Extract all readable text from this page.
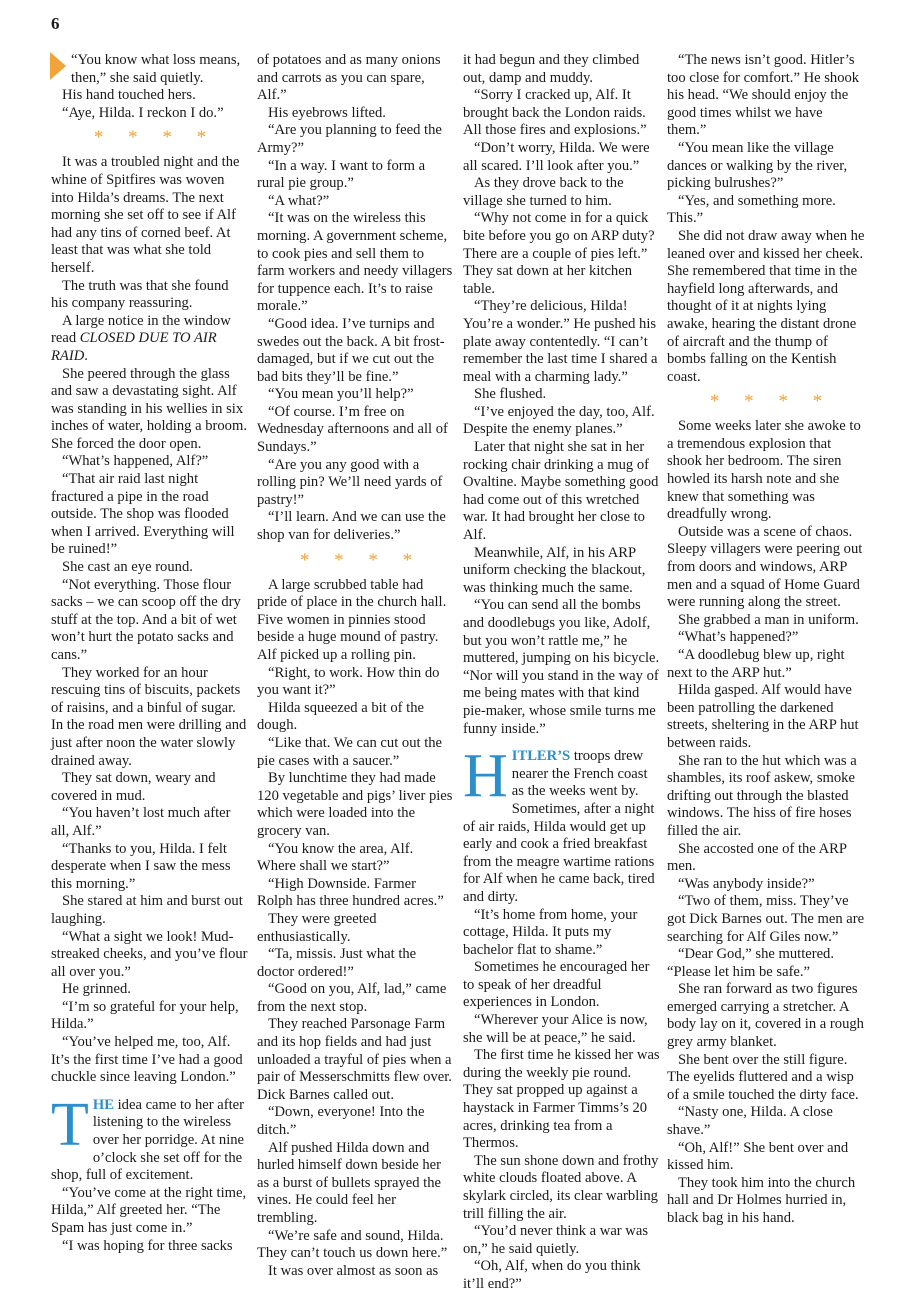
6

“You know what loss means, then,” she said quietly.

His hand touched hers.

“Aye, Hilda. I reckon I do.”

* * * *

It was a troubled night and the whine of Spitfires was woven into Hilda’s dreams. The next morning she set off to see if Alf had any tins of corned beef. At least that was what she told herself.

The truth was that she found his company reassuring.

A large notice in the window read CLOSED DUE TO AIR RAID.

She peered through the glass and saw a devastating sight. Alf was standing in his wellies in six inches of water, holding a broom. She forced the door open.

“What’s happened, Alf?”

“That air raid last night fractured a pipe in the road outside. The shop was flooded when I arrived. Everything will be ruined!”

She cast an eye round.

“Not everything. Those flour sacks – we can scoop off the dry stuff at the top. And a bit of wet won’t hurt the potato sacks and cans.”

They worked for an hour rescuing tins of biscuits, packets of raisins, and a binful of sugar. In the road men were drilling and just after noon the water slowly drained away.

They sat down, weary and covered in mud.

“You haven’t lost much after all, Alf.”

“Thanks to you, Hilda. I felt desperate when I saw the mess this morning.”

She stared at him and burst out laughing.

“What a sight we look! Mud-streaked cheeks, and you’ve flour all over you.”

He grinned.

“I’m so grateful for your help, Hilda.”

“You’ve helped me, too, Alf. It’s the first time I’ve had a good chuckle since leaving London.”

THE idea came to her after listening to the wireless over her porridge. At nine o’clock she set off for the shop, full of excitement.

“You’ve come at the right time, Hilda,” Alf greeted her. “The Spam has just come in.”

“I was hoping for three sacks

of potatoes and as many onions and carrots as you can spare, Alf.”

His eyebrows lifted.

“Are you planning to feed the Army?”

“In a way. I want to form a rural pie group.”

“A what?”

“It was on the wireless this morning. A government scheme, to cook pies and sell them to farm workers and needy villagers for tuppence each. It’s to raise morale.”

“Good idea. I’ve turnips and swedes out the back. A bit frost-damaged, but if we cut out the bad bits they’ll be fine.”

“You mean you’ll help?”

“Of course. I’m free on Wednesday afternoons and all of Sundays.”

“Are you any good with a rolling pin? We’ll need yards of pastry!”

“I’ll learn. And we can use the shop van for deliveries.”

* * * *

A large scrubbed table had pride of place in the church hall. Five women in pinnies stood beside a huge mound of pastry. Alf picked up a rolling pin.

“Right, to work. How thin do you want it?”

Hilda squeezed a bit of the dough.

“Like that. We can cut out the pie cases with a saucer.”

By lunchtime they had made 120 vegetable and pigs’ liver pies which were loaded into the grocery van.

“You know the area, Alf. Where shall we start?”

“High Downside. Farmer Rolph has three hundred acres.”

They were greeted enthusiastically.

“Ta, missis. Just what the doctor ordered!”

“Good on you, Alf, lad,” came from the next stop.

They reached Parsonage Farm and its hop fields and had just unloaded a trayful of pies when a pair of Messerschmitts flew over. Dick Barnes called out.

“Down, everyone! Into the ditch.”

Alf pushed Hilda down and hurled himself down beside her as a burst of bullets sprayed the vines. He could feel her trembling.

“We’re safe and sound, Hilda. They can’t touch us down here.”

It was over almost as soon as

it had begun and they climbed out, damp and muddy.

“Sorry I cracked up, Alf. It brought back the London raids. All those fires and explosions.”

“Don’t worry, Hilda. We were all scared. I’ll look after you.”

As they drove back to the village she turned to him.

“Why not come in for a quick bite before you go on ARP duty? There are a couple of pies left.” They sat down at her kitchen table.

“They’re delicious, Hilda! You’re a wonder.” He pushed his plate away contentedly. “I can’t remember the last time I shared a meal with a charming lady.”

She flushed.

“I’ve enjoyed the day, too, Alf. Despite the enemy planes.”

Later that night she sat in her rocking chair drinking a mug of Ovaltine. Maybe something good had come out of this wretched war. It had brought her close to Alf.

Meanwhile, Alf, in his ARP uniform checking the blackout, was thinking much the same.

“You can send all the bombs and doodlebugs you like, Adolf, but you won’t rattle me,” he muttered, jumping on his bicycle. “Nor will you stand in the way of me being mates with that kind pie-maker, whose smile turns me funny inside.”

HITLER’S troops drew nearer the French coast as the weeks went by. Sometimes, after a night of air raids, Hilda would get up early and cook a fried breakfast from the meagre wartime rations for Alf when he came back, tired and dirty.

“It’s home from home, your cottage, Hilda. It puts my bachelor flat to shame.”

Sometimes he encouraged her to speak of her dreadful experiences in London.

“Wherever your Alice is now, she will be at peace,” he said.

The first time he kissed her was during the weekly pie round. They sat propped up against a haystack in Farmer Timms’s 20 acres, drinking tea from a Thermos.

The sun shone down and frothy white clouds floated above. A skylark circled, its clear warbling trill filling the air.

“You’d never think a war was on,” he said quietly.

“Oh, Alf, when do you think it’ll end?”

“The news isn’t good. Hitler’s too close for comfort.” He shook his head. “We should enjoy the good times whilst we have them.”

“You mean like the village dances or walking by the river, picking bulrushes?”

“Yes, and something more. This.”

She did not draw away when he leaned over and kissed her cheek. She remembered that time in the hayfield long afterwards, and thought of it at nights lying awake, hearing the distant drone of aircraft and the thump of bombs falling on the Kentish coast.

* * * *

Some weeks later she awoke to a tremendous explosion that shook her bedroom. The siren howled its harsh note and she knew that something was dreadfully wrong.

Outside was a scene of chaos. Sleepy villagers were peering out from doors and windows, ARP men and a squad of Home Guard were running along the street.

She grabbed a man in uniform.

“What’s happened?”

“A doodlebug blew up, right next to the ARP hut.”

Hilda gasped. Alf would have been patrolling the darkened streets, sheltering in the ARP hut between raids.

She ran to the hut which was a shambles, its roof askew, smoke drifting out through the blasted windows. The hiss of fire hoses filled the air.

She accosted one of the ARP men.

“Was anybody inside?”

“Two of them, miss. They’ve got Dick Barnes out. The men are searching for Alf Giles now.”

“Dear God,” she muttered. “Please let him be safe.”

She ran forward as two figures emerged carrying a stretcher. A body lay on it, covered in a rough grey army blanket.

She bent over the still figure. The eyelids fluttered and a wisp of a smile touched the dirty face.

“Nasty one, Hilda. A close shave.”

“Oh, Alf!” She bent over and kissed him.

They took him into the church hall and Dr Holmes hurried in, black bag in his hand.
